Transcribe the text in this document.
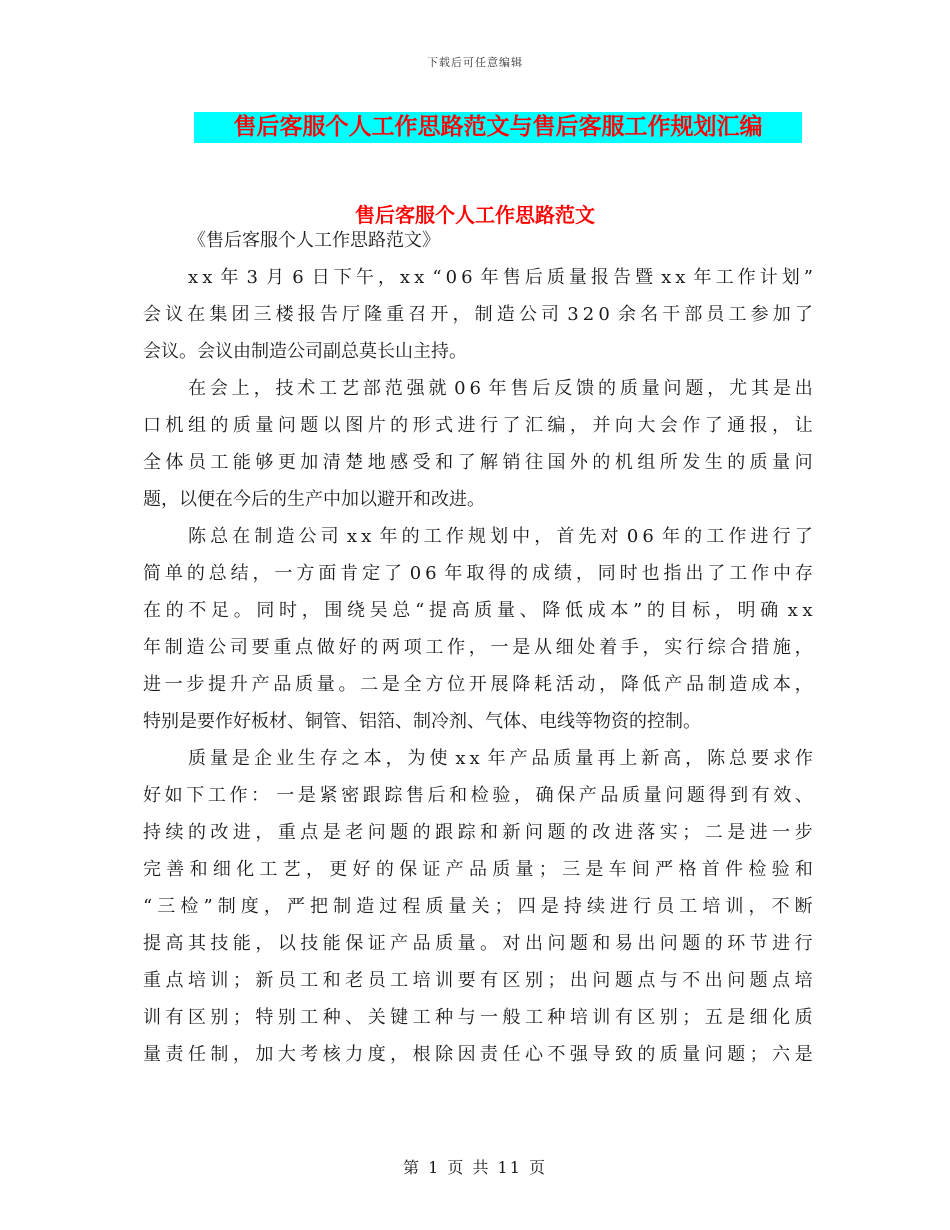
下载后可任意编辑
售后客服个人工作思路范文与售后客服工作规划汇编
售后客服个人工作思路范文
《售后客服个人工作思路范文》
x x 年 3 月 6 日 下 午 ， x x “ 0 6 年 售 后 质 量 报 告 暨 x x 年 工 作 计 划 ”
会 议 在 集 团 三 楼 报 告 厅 隆 重 召 开 ， 制 造 公 司 3 2 0 余 名 干 部 员 工 参 加 了
会议。会议由制造公司副总莫长山主持。
在 会 上 ， 技 术 工 艺 部 范 强 就 0 6 年 售 后 反 馈 的 质 量 问 题 ， 尤 其 是 出
口 机 组 的 质 量 问 题 以 图 片 的 形 式 进 行 了 汇 编 ， 并 向 大 会 作 了 通 报 ， 让
全 体 员 工 能 够 更 加 清 楚 地 感 受 和 了 解 销 往 国 外 的 机 组 所 发 生 的 质 量 问
题，以便在今后的生产中加以避开和改进。
陈 总 在 制 造 公 司 x x 年 的 工 作 规 划 中 ， 首 先 对 0 6 年 的 工 作 进 行 了
简 单 的 总 结 ， 一 方 面 肯 定 了 0 6 年 取 得 的 成 绩 ， 同 时 也 指 出 了 工 作 中 存
在 的 不 足 。 同 时 ， 围 绕 吴 总 “ 提 高 质 量 、 降 低 成 本 ” 的 目 标 ， 明 确 x x
年 制 造 公 司 要 重 点 做 好 的 两 项 工 作 ， 一 是 从 细 处 着 手 ， 实 行 综 合 措 施 ，
进 一 步 提 升 产 品 质 量 。 二 是 全 方 位 开 展 降 耗 活 动 ， 降 低 产 品 制 造 成 本 ，
特别是要作好板材、铜管、铝箔、制冷剂、气体、电线等物资的控制。
质 量 是 企 业 生 存 之 本 ， 为 使 x x 年 产 品 质 量 再 上 新 高 ， 陈 总 要 求 作
好 如 下 工 作 ： 一 是 紧 密 跟 踪 售 后 和 检 验 ， 确 保 产 品 质 量 问 题 得 到 有 效 、
持 续 的 改 进 ， 重 点 是 老 问 题 的 跟 踪 和 新 问 题 的 改 进 落 实 ； 二 是 进 一 步
完 善 和 细 化 工 艺 ， 更 好 的 保 证 产 品 质 量 ； 三 是 车 间 严 格 首 件 检 验 和
“ 三 检 ” 制 度 ， 严 把 制 造 过 程 质 量 关 ； 四 是 持 续 进 行 员 工 培 训 ， 不 断
提 高 其 技 能 ， 以 技 能 保 证 产 品 质 量 。 对 出 问 题 和 易 出 问 题 的 环 节 进 行
重 点 培 训 ； 新 员 工 和 老 员 工 培 训 要 有 区 别 ； 出 问 题 点 与 不 出 问 题 点 培
训 有 区 别 ； 特 别 工 种 、 关 键 工 种 与 一 般 工 种 培 训 有 区 别 ； 五 是 细 化 质
量 责 任 制 ， 加 大 考 核 力 度 ， 根 除 因 责 任 心 不 强 导 致 的 质 量 问 题 ； 六 是
第 1 页 共 11 页
